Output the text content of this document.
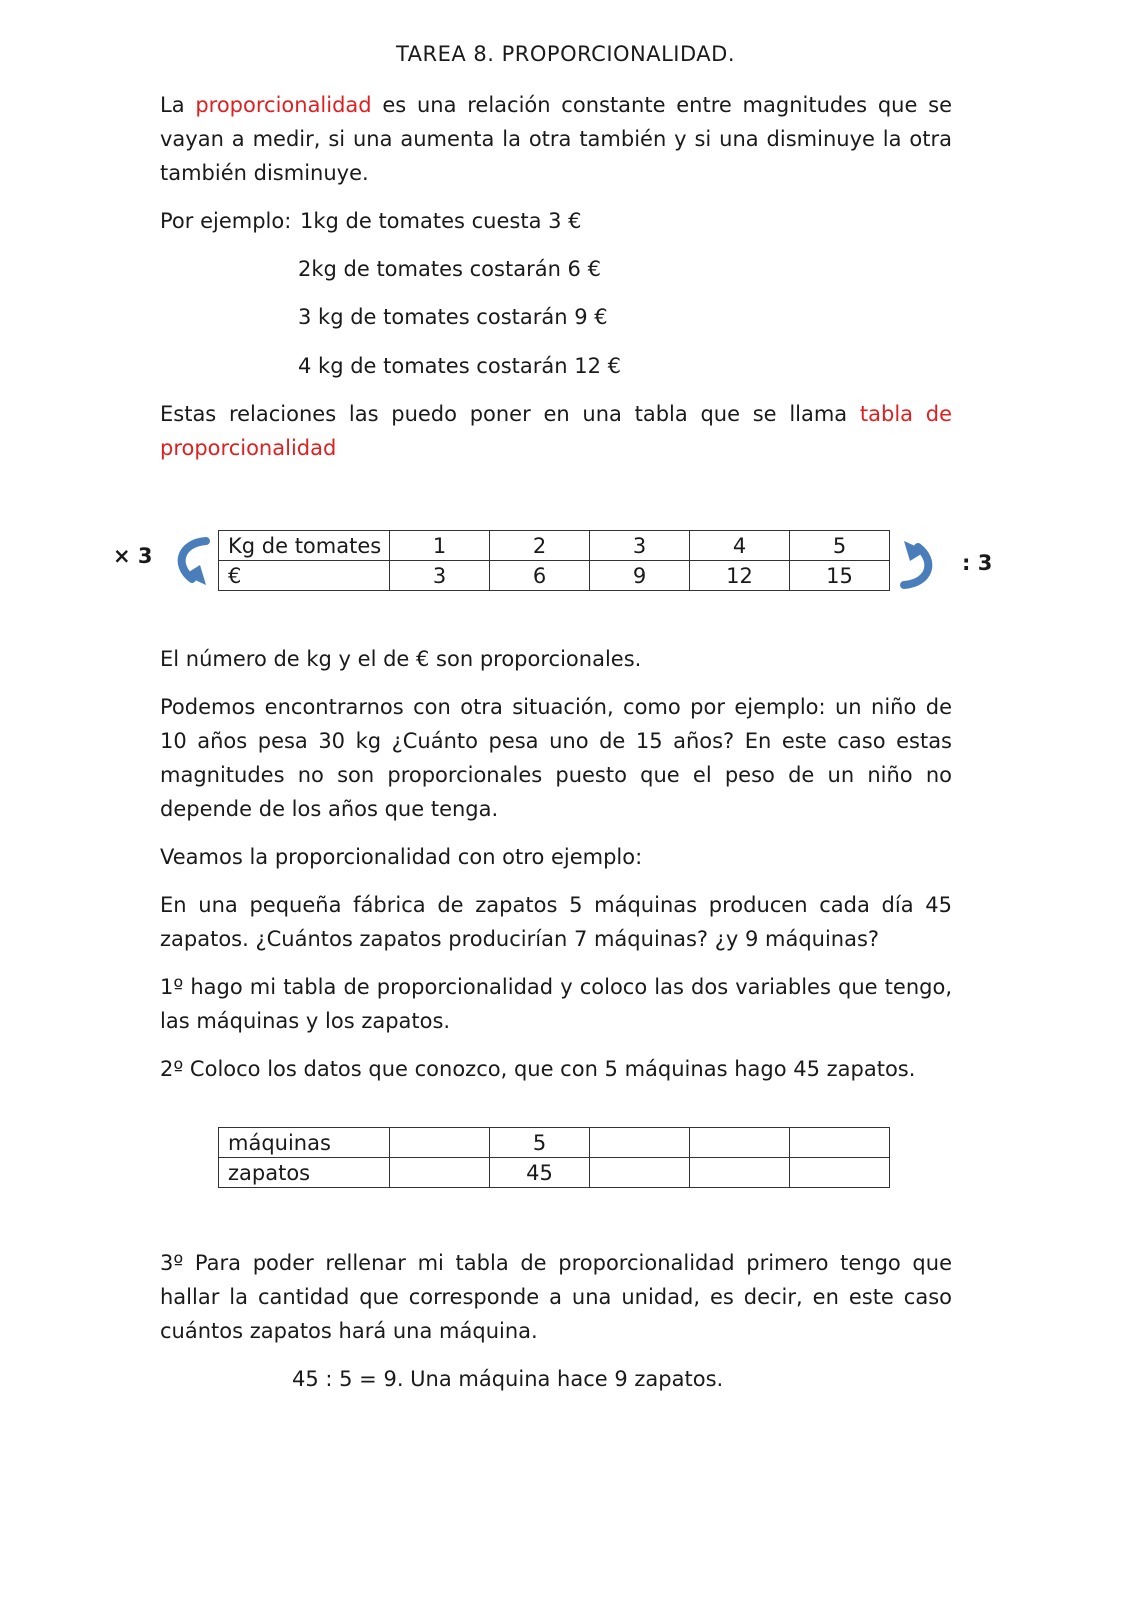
TAREA 8. PROPORCIONALIDAD.

La proporcionalidad es una relación constante entre magnitudes que se vayan a medir, si una aumenta la otra también y si una disminuye la otra también disminuye.

Por ejemplo: 1kg de tomates cuesta 3 €
2kg de tomates costarán 6 €
3 kg de tomates costarán 9 €
4 kg de tomates costarán 12 €

Estas relaciones las puedo poner en una tabla que se llama tabla de proporcionalidad

× 3	Kg de tomates	1	2	3	4	5
€	3	6	9	12	15
: 3

El número de kg y el de € son proporcionales.

Podemos encontrarnos con otra situación, como por ejemplo: un niño de 10 años pesa 30 kg ¿Cuánto pesa uno de 15 años? En este caso estas magnitudes no son proporcionales puesto que el peso de un niño no depende de los años que tenga.

Veamos la proporcionalidad con otro ejemplo:

En una pequeña fábrica de zapatos 5 máquinas producen cada día 45 zapatos. ¿Cuántos zapatos producirían 7 máquinas? ¿y 9 máquinas?

1º hago mi tabla de proporcionalidad y coloco las dos variables que tengo, las máquinas y los zapatos.

2º Coloco los datos que conozco, que con 5 máquinas hago 45 zapatos.

máquinas		5			
zapatos		45			

3º Para poder rellenar mi tabla de proporcionalidad primero tengo que hallar la cantidad que corresponde a una unidad, es decir, en este caso cuántos zapatos hará una máquina.

45 : 5 = 9. Una máquina hace 9 zapatos.
